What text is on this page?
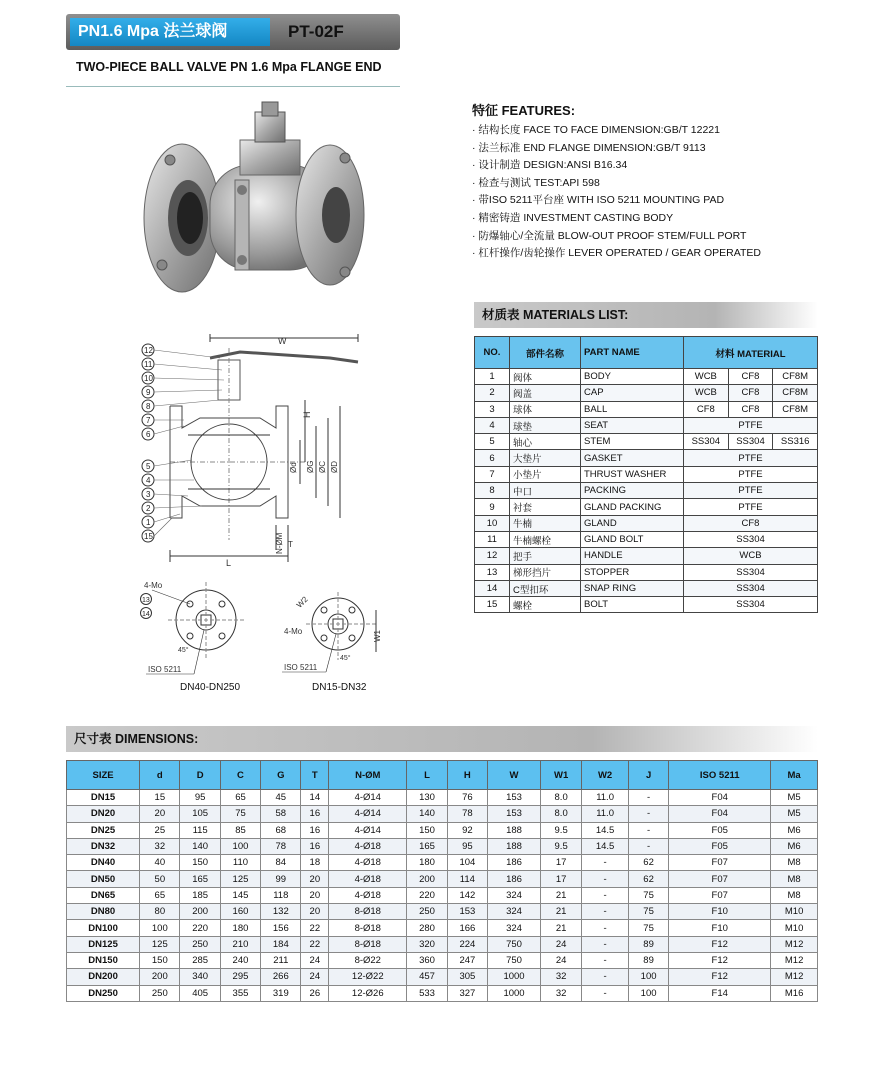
PN1.6 Mpa 法兰球阀	PT-02F
TWO-PIECE BALL VALVE PN 1.6 Mpa FLANGE END
特征 FEATURES:
· 结构长度 FACE TO FACE DIMENSION:GB/T 12221
· 法兰标准 END FLANGE DIMENSION:GB/T 9113
· 设计制造 DESIGN:ANSI B16.34
· 检查与测试 TEST:API 598
· 带ISO 5211平台座 WITH ISO 5211 MOUNTING PAD
· 精密铸造 INVESTMENT CASTING BODY
· 防爆轴心/全流量 BLOW-OUT PROOF STEM/FULL PORT
· 杠杆操作/齿轮操作 LEVER OPERATED / GEAR OPERATED
材质表 MATERIALS LIST:
NO.	部件名称	PART NAME	材料 MATERIAL		
1	阀体	BODY	WCB	CF8	CF8M
2	阀盖	CAP	WCB	CF8	CF8M
3	球体	BALL	CF8	CF8	CF8M
4	球垫	SEAT	PTFE		
5	轴心	STEM	SS304	SS304	SS316
6	大垫片	GASKET	PTFE		
7	小垫片	THRUST WASHER	PTFE		
8	中口	PACKING	PTFE		
9	衬套	GLAND PACKING	PTFE		
10	牛楠	GLAND	CF8		
11	牛楠螺栓	GLAND BOLT	SS304		
12	把手	HANDLE	WCB		
13	梯形挡片	STOPPER	SS304		
14	C型扣环	SNAP RING	SS304		
15	螺栓	BOLT	SS304		
W
H
Ød ØG ØC ØD
L
T
N-ØM
12
11
10
9
8
7
6
5
4
3
2
1
15
4-Mo
13
14
45°
ISO 5211
DN40-DN250
W1
W2
4-Mo
45°
ISO 5211
DN15-DN32
尺寸表 DIMENSIONS:
SIZE	d	D	C	G	T	N-ØM	L	H	W	W1	W2	J	ISO 5211	Ma
DN15	15	95	65	45	14	4-Ø14	130	76	153	8.0	11.0	-	F04	M5
DN20	20	105	75	58	16	4-Ø14	140	78	153	8.0	11.0	-	F04	M5
DN25	25	115	85	68	16	4-Ø14	150	92	188	9.5	14.5	-	F05	M6
DN32	32	140	100	78	16	4-Ø18	165	95	188	9.5	14.5	-	F05	M6
DN40	40	150	110	84	18	4-Ø18	180	104	186	17	-	62	F07	M8
DN50	50	165	125	99	20	4-Ø18	200	114	186	17	-	62	F07	M8
DN65	65	185	145	118	20	4-Ø18	220	142	324	21	-	75	F07	M8
DN80	80	200	160	132	20	8-Ø18	250	153	324	21	-	75	F10	M10
DN100	100	220	180	156	22	8-Ø18	280	166	324	21	-	75	F10	M10
DN125	125	250	210	184	22	8-Ø18	320	224	750	24	-	89	F12	M12
DN150	150	285	240	211	24	8-Ø22	360	247	750	24	-	89	F12	M12
DN200	200	340	295	266	24	12-Ø22	457	305	1000	32	-	100	F12	M12
DN250	250	405	355	319	26	12-Ø26	533	327	1000	32	-	100	F14	M16
